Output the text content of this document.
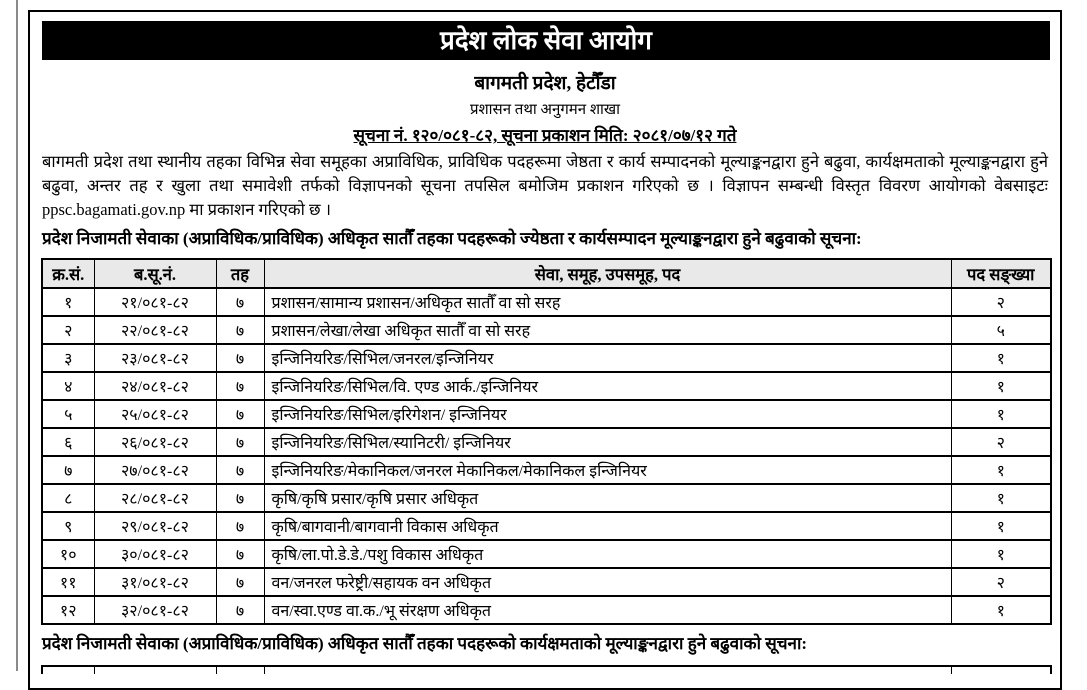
प्रदेश लोक सेवा आयोग
बागमती प्रदेश, हेटौँडा
प्रशासन तथा अनुगमन शाखा
सूचना नं. १२०/०८१-८२, सूचना प्रकाशन मिति: २०८१/०७/१२ गते
बागमती प्रदेश तथा स्थानीय तहका विभिन्न सेवा समूहका अप्राविधिक, प्राविधिक पदहरूमा जेष्ठता र कार्य सम्पादनको मूल्याङ्कनद्वारा हुने बढुवा, कार्यक्षमताको मूल्याङ्कनद्वारा हुने बढुवा, अन्तर तह र खुला तथा समावेशी तर्फको विज्ञापनको सूचना तपसिल बमोजिम प्रकाशन गरिएको छ । विज्ञापन सम्बन्धी विस्तृत विवरण आयोगको वेबसाइटः ppsc.bagamati.gov.np मा प्रकाशन गरिएको छ ।
प्रदेश निजामती सेवाका (अप्राविधिक/प्राविधिक) अधिकृत सातौँ तहका पदहरूको ज्येष्ठता र कार्यसम्पादन मूल्याङ्कनद्वारा हुने बढुवाको सूचना:
क्र.सं.	ब.सू.नं.	तह	सेवा, समूह, उपसमूह, पद	पद सङ्ख्या
१	२१/०८१-८२	७	प्रशासन/सामान्य प्रशासन/अधिकृत सातौँ वा सो सरह	२
२	२२/०८१-८२	७	प्रशासन/लेखा/लेखा अधिकृत सातौँ वा सो सरह	५
३	२३/०८१-८२	७	इन्जिनियरिङ/सिभिल/जनरल/इन्जिनियर	१
४	२४/०८१-८२	७	इन्जिनियरिङ/सिभिल/वि. एण्ड आर्क./इन्जिनियर	१
५	२५/०८१-८२	७	इन्जिनियरिङ/सिभिल/इरिगेशन/ इन्जिनियर	१
६	२६/०८१-८२	७	इन्जिनियरिङ/सिभिल/स्यानिटरी/ इन्जिनियर	२
७	२७/०८१-८२	७	इन्जिनियरिङ/मेकानिकल/जनरल मेकानिकल/मेकानिकल इन्जिनियर	१
८	२८/०८१-८२	७	कृषि/कृषि प्रसार/कृषि प्रसार अधिकृत	१
९	२९/०८१-८२	७	कृषि/बागवानी/बागवानी विकास अधिकृत	१
१०	३०/०८१-८२	७	कृषि/ला.पो.डे.डे./पशु विकास अधिकृत	१
११	३१/०८१-८२	७	वन/जनरल फरेष्ट्री/सहायक वन अधिकृत	२
१२	३२/०८१-८२	७	वन/स्वा.एण्ड वा.क./भू संरक्षण अधिकृत	१
प्रदेश निजामती सेवाका (अप्राविधिक/प्राविधिक) अधिकृत सातौँ तहका पदहरूको कार्यक्षमताको मूल्याङ्कनद्वारा हुने बढुवाको सूचना:
